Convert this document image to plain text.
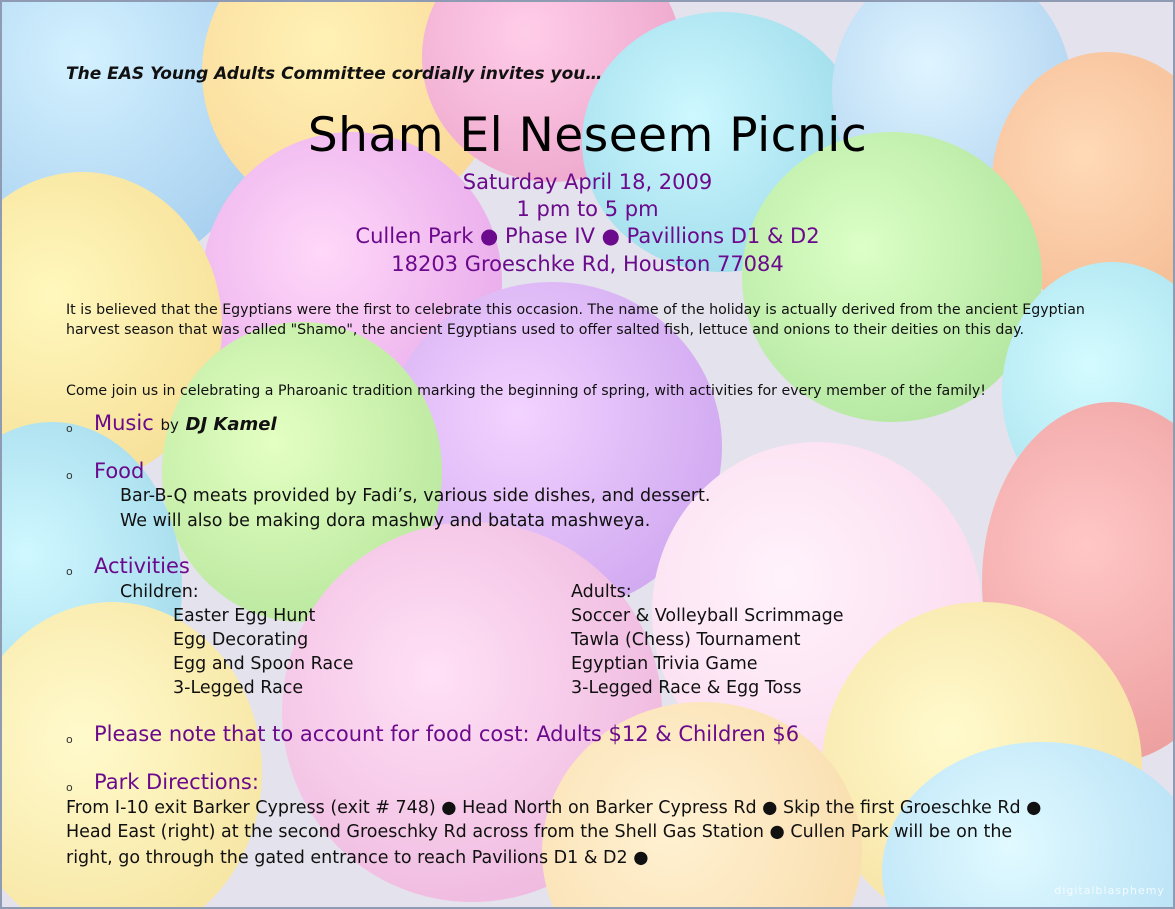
The EAS Young Adults Committee cordially invites you…
Sham El Neseem Picnic
Saturday April 18, 2009
1 pm to 5 pm
Cullen Park ● Phase IV ● Pavillions D1 & D2
18203 Groeschke Rd, Houston 77084
It is believed that the Egyptians were the first to celebrate this occasion. The name of the holiday is actually derived from the ancient Egyptian harvest season that was called "Shamo", the ancient Egyptians used to offer salted fish, lettuce and onions to their deities on this day.
Come join us in celebrating a Pharoanic tradition marking the beginning of spring, with activities for every member of the family!
o Music by DJ Kamel
o Food
Bar-B-Q meats provided by Fadi’s, various side dishes, and dessert.
We will also be making dora mashwy and batata mashweya.
o Activities
Children:	Adults:
Easter Egg Hunt
Egg Decorating
Egg and Spoon Race
3-Legged Race
Soccer & Volleyball Scrimmage
Tawla (Chess) Tournament
Egyptian Trivia Game
3-Legged Race & Egg Toss
o Please note that to account for food cost: Adults $12 & Children $6
o Park Directions:
From I-10 exit Barker Cypress (exit # 748) ● Head North on Barker Cypress Rd ● Skip the first Groeschke Rd ●
Head East (right) at the second Groeschky Rd across from the Shell Gas Station ● Cullen Park will be on the
right, go through the gated entrance to reach Pavilions D1 & D2 ●
digitalblasphemy
